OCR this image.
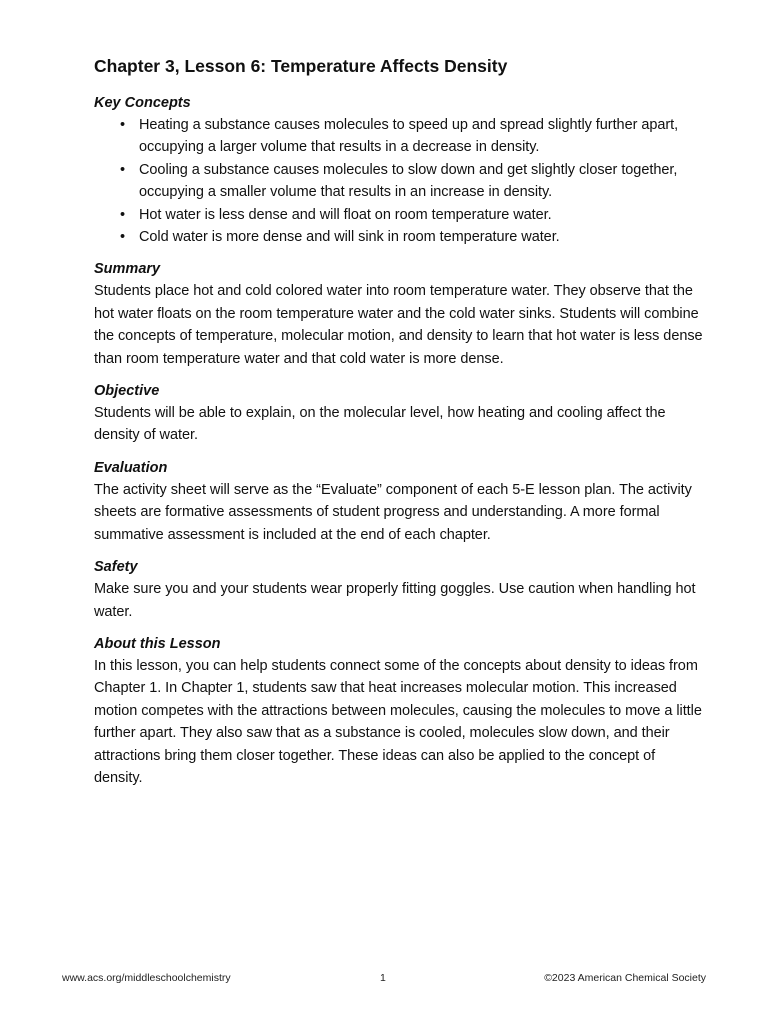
Chapter 3, Lesson 6: Temperature Affects Density
Key Concepts
• Heating a substance causes molecules to speed up and spread slightly further apart, occupying a larger volume that results in a decrease in density.
• Cooling a substance causes molecules to slow down and get slightly closer together, occupying a smaller volume that results in an increase in density.
• Hot water is less dense and will float on room temperature water.
• Cold water is more dense and will sink in room temperature water.
Summary

Students place hot and cold colored water into room temperature water. They observe that the hot water floats on the room temperature water and the cold water sinks. Students will combine the concepts of temperature, molecular motion, and density to learn that hot water is less dense than room temperature water and that cold water is more dense.

Objective

Students will be able to explain, on the molecular level, how heating and cooling affect the density of water.

Evaluation

The activity sheet will serve as the “Evaluate” component of each 5-E lesson plan. The activity sheets are formative assessments of student progress and understanding. A more formal summative assessment is included at the end of each chapter.

Safety

Make sure you and your students wear properly fitting goggles. Use caution when handling hot water.

About this Lesson

In this lesson, you can help students connect some of the concepts about density to ideas from Chapter 1. In Chapter 1, students saw that heat increases molecular motion. This increased motion competes with the attractions between molecules, causing the molecules to move a little further apart. They also saw that as a substance is cooled, molecules slow down, and their attractions bring them closer together. These ideas can also be applied to the concept of density.

www.acs.org/middleschoolchemistry	1	©2023 American Chemical Society
